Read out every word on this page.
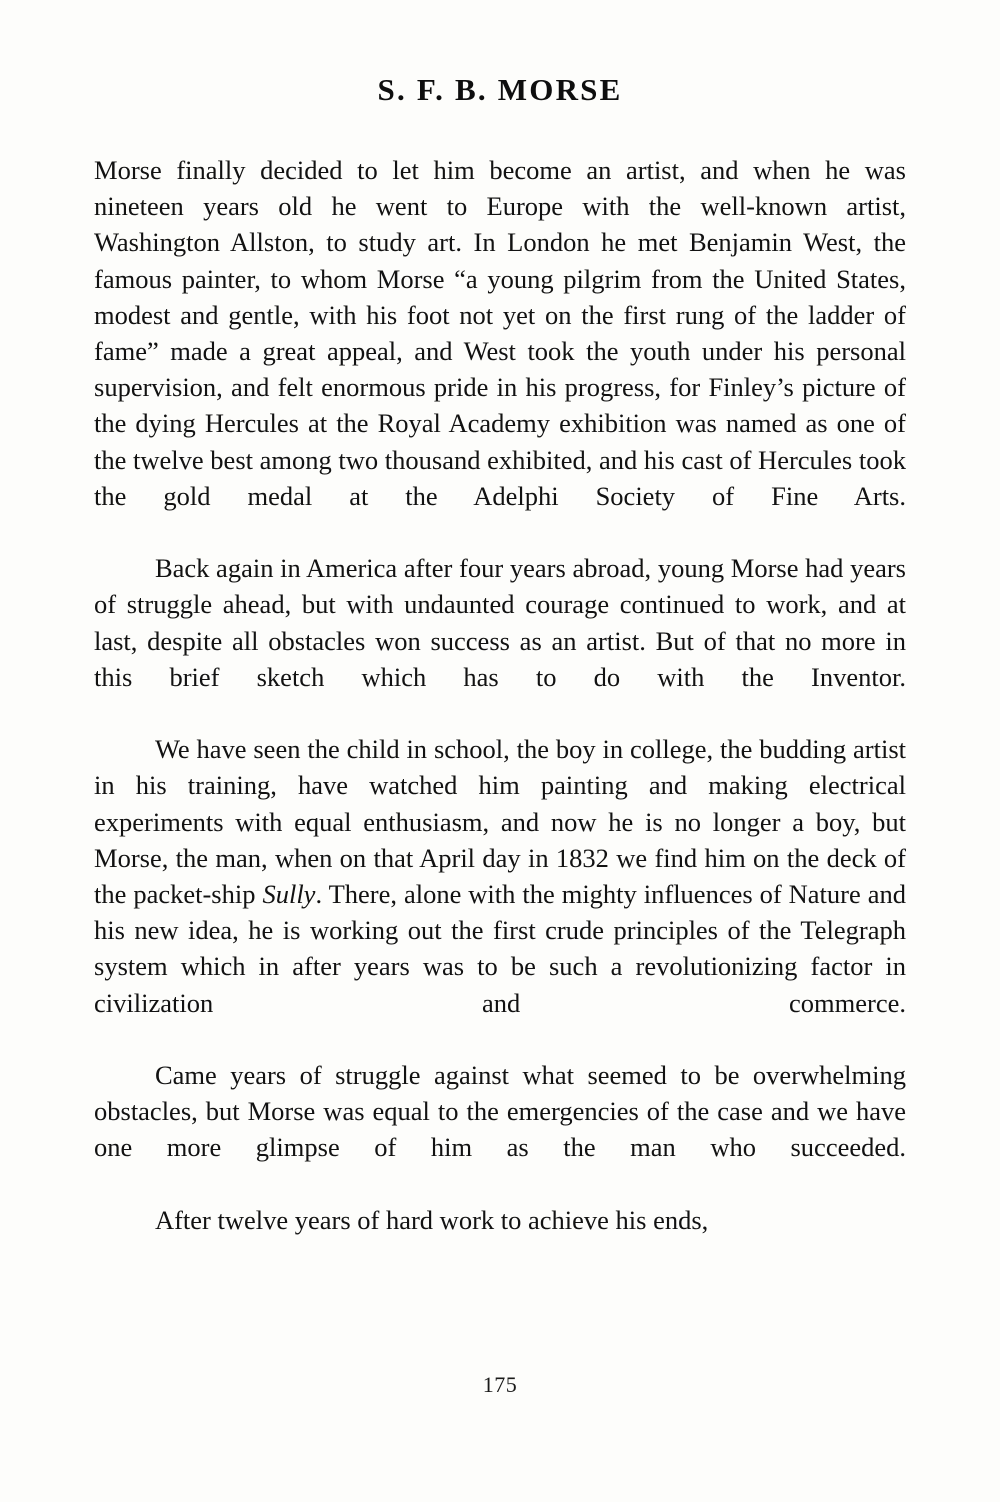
S. F. B. MORSE

Morse finally decided to let him become an artist, and when he was nineteen years old he went to Europe with the well-known artist, Washington Allston, to study art. In London he met Benjamin West, the famous painter, to whom Morse “a young pilgrim from the United States, modest and gentle, with his foot not yet on the first rung of the ladder of fame” made a great appeal, and West took the youth under his personal supervision, and felt enormous pride in his progress, for Finley’s picture of the dying Hercules at the Royal Academy exhibition was named as one of the twelve best among two thousand exhibited, and his cast of Hercules took the gold medal at the Adelphi Society of Fine Arts.

Back again in America after four years abroad, young Morse had years of struggle ahead, but with undaunted courage continued to work, and at last, despite all obstacles won success as an artist. But of that no more in this brief sketch which has to do with the Inventor.

We have seen the child in school, the boy in college, the budding artist in his training, have watched him painting and making electrical experiments with equal enthusiasm, and now he is no longer a boy, but Morse, the man, when on that April day in 1832 we find him on the deck of the packet-ship Sully. There, alone with the mighty influences of Nature and his new idea, he is working out the first crude principles of the Telegraph system which in after years was to be such a revolutionizing factor in civilization and commerce.

Came years of struggle against what seemed to be overwhelming obstacles, but Morse was equal to the emergencies of the case and we have one more glimpse of him as the man who succeeded.

After twelve years of hard work to achieve his ends,

175
